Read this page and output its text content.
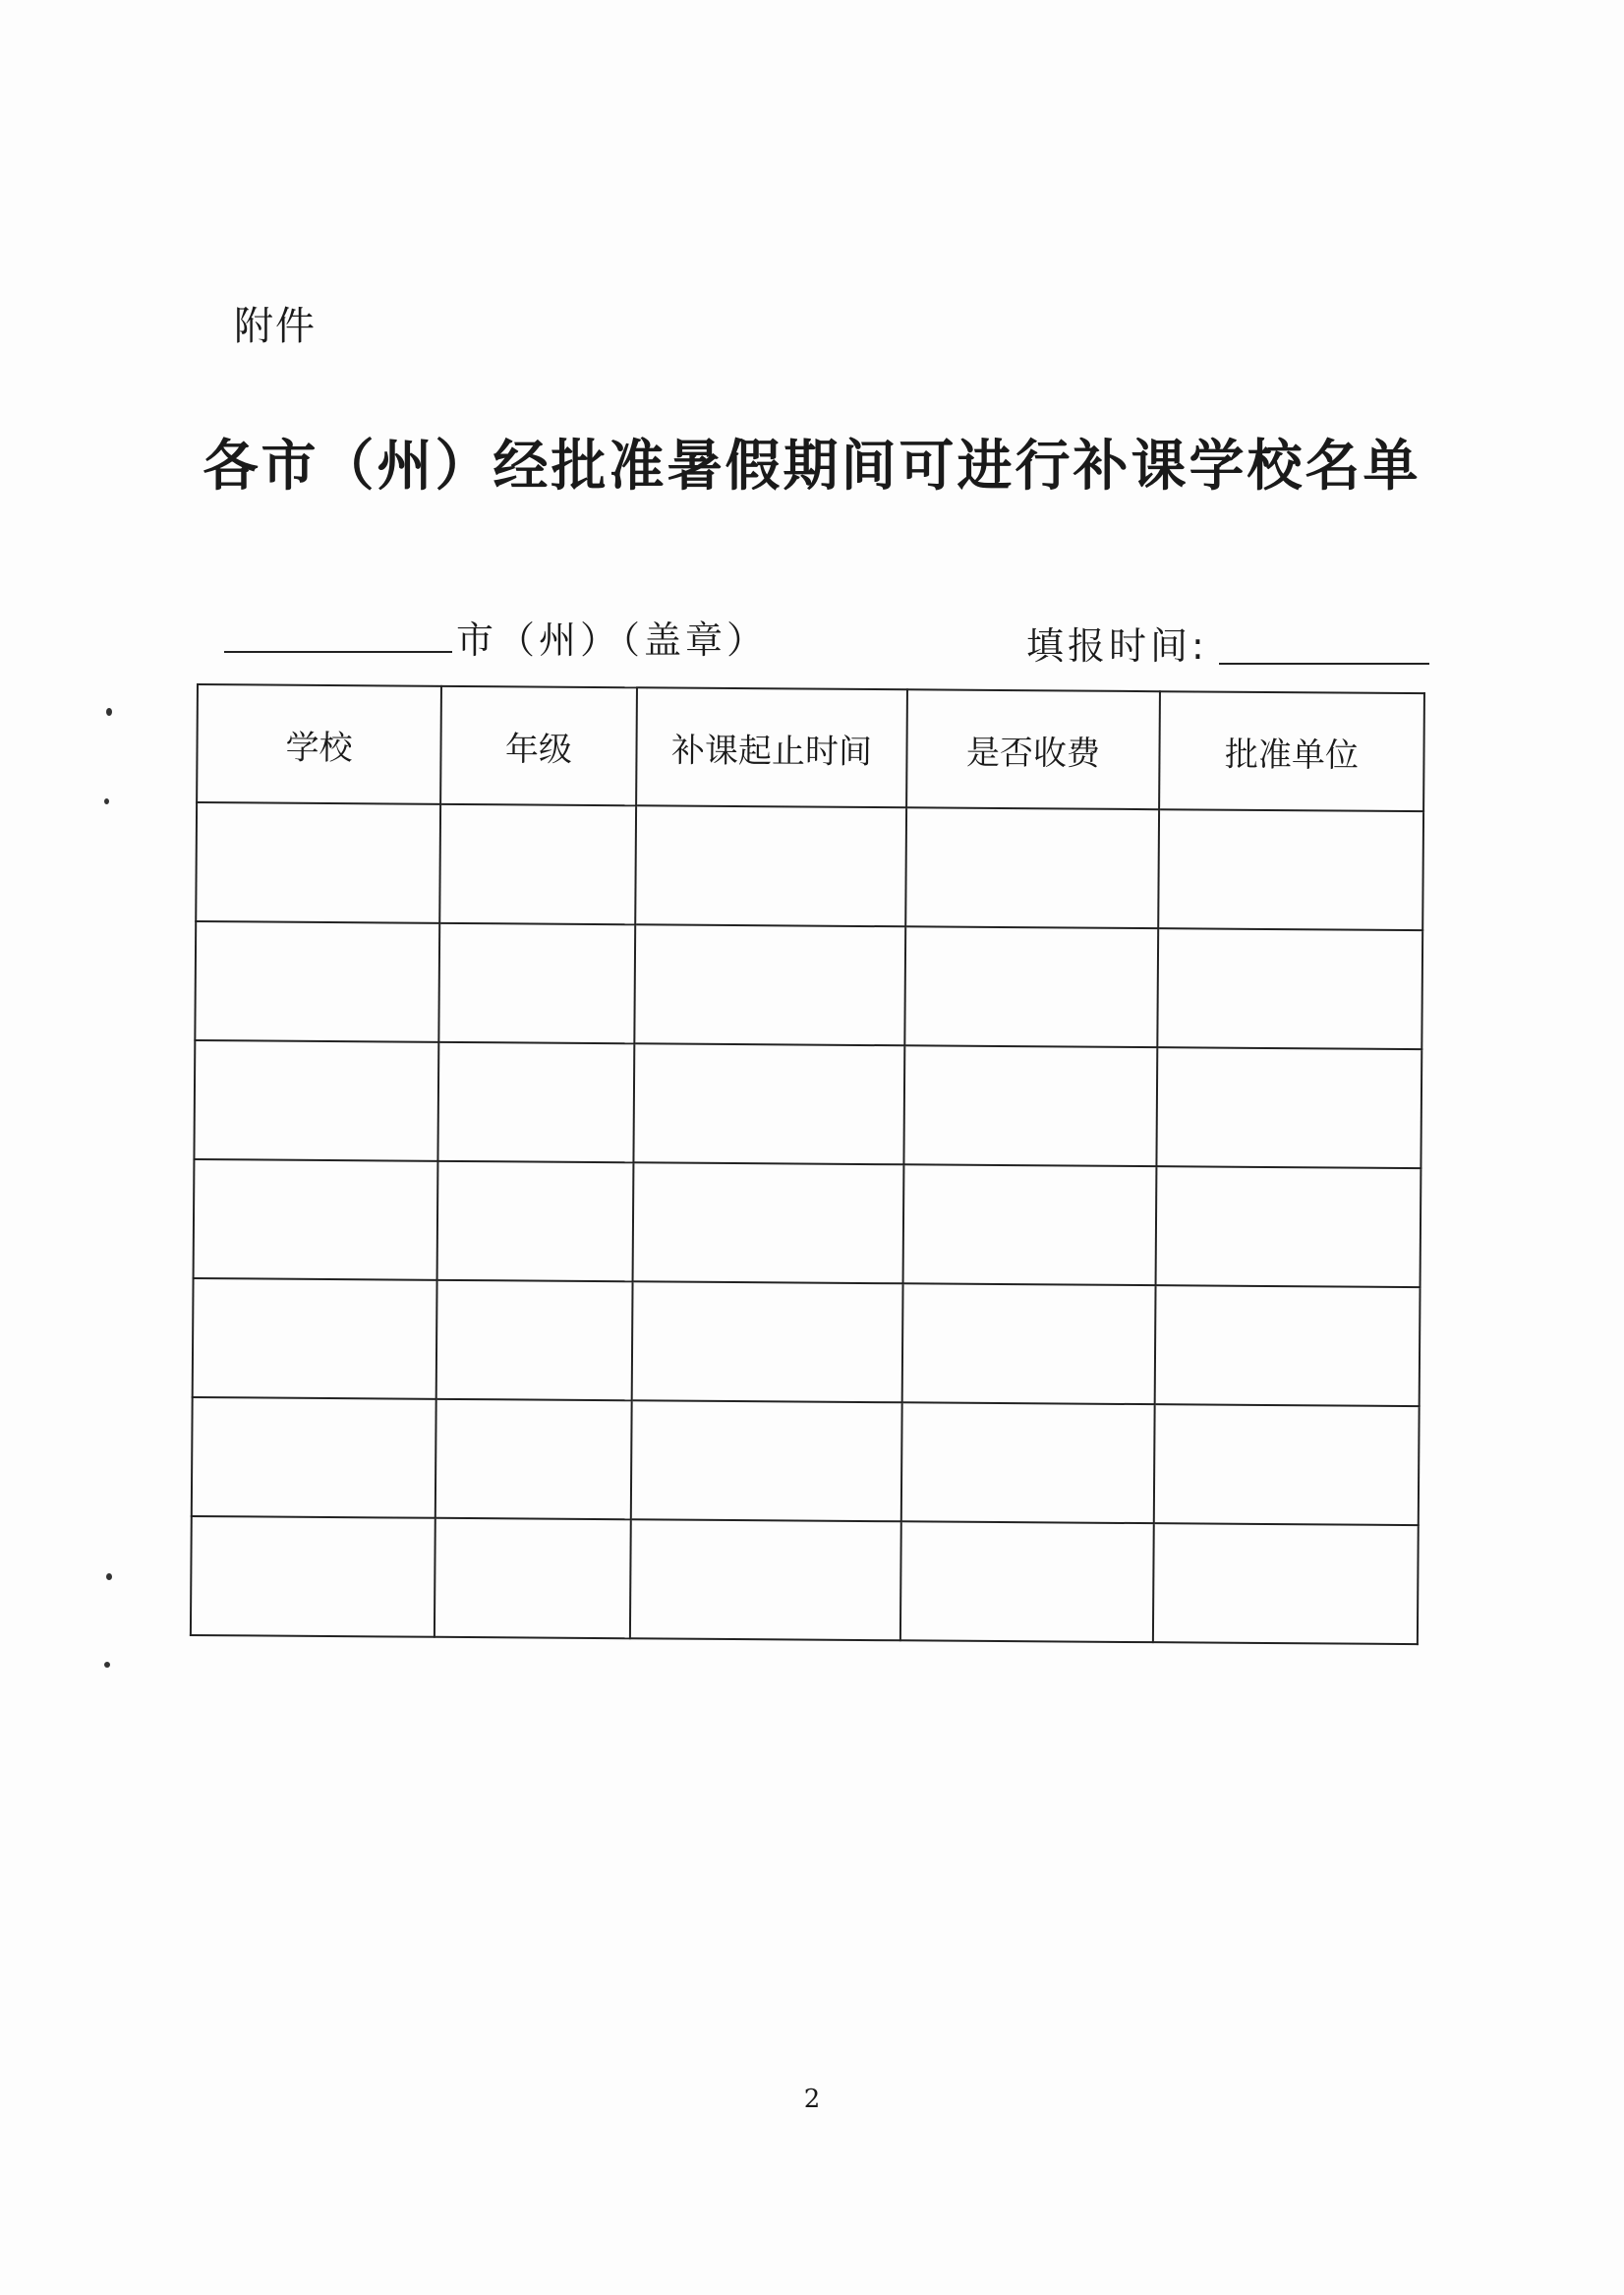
附件
各市（州）经批准暑假期间可进行补课学校名单
市（州）（盖章）	填报时间:
学校	年级	补课起止时间	是否收费	批准单位

2
